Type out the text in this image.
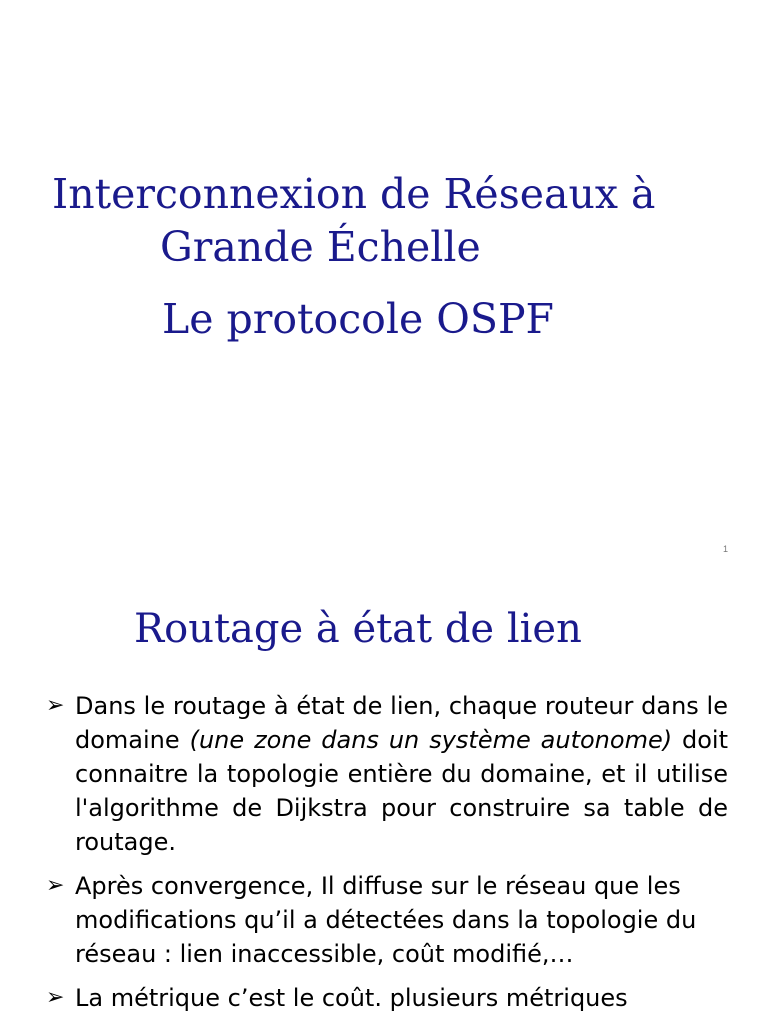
Interconnexion de Réseaux à
Grande Échelle
Le protocole OSPF
1
Routage à état de lien
➢ Dans le routage à état de lien, chaque routeur dans le domaine (une zone dans un système autonome) doit connaitre la topologie entière du domaine, et il utilise l'algorithme de Dijkstra pour construire sa table de routage.
➢ Après convergence, Il diffuse sur le réseau que les modifications qu’il a détectées dans la topologie du réseau : lien inaccessible, coût modifié,…
➢ La métrique c’est le coût. plusieurs métriques
